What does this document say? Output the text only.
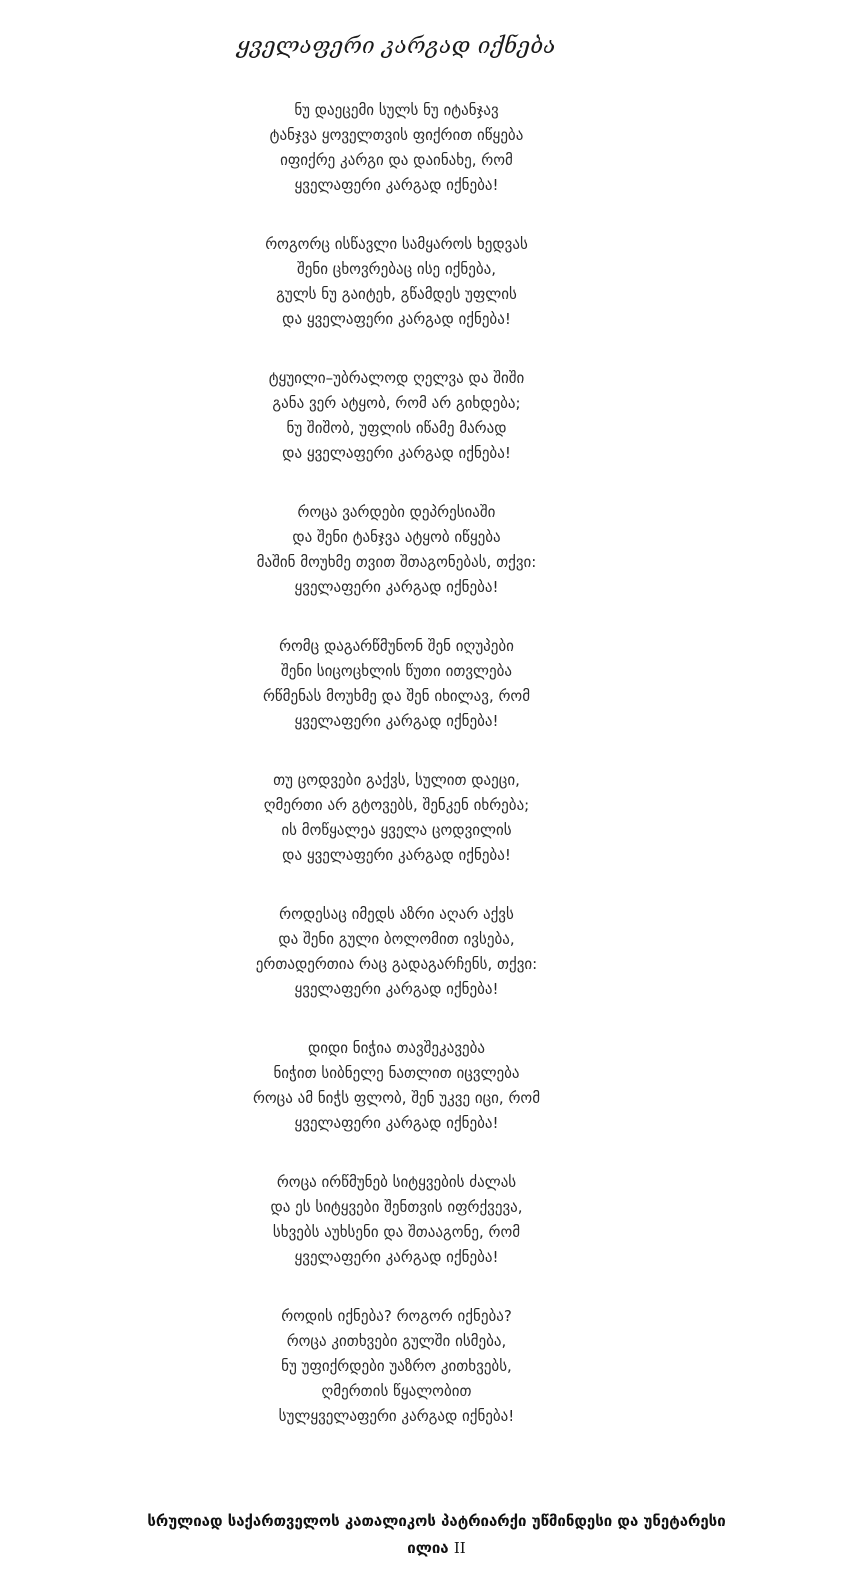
ყველაფერი კარგად იქნება
ნუ დაეცემი სულს ნუ იტანჯავ
ტანჯვა ყოველთვის ფიქრით იწყება
იფიქრე კარგი და დაინახე, რომ
ყველაფერი კარგად იქნება!
როგორც ისწავლი სამყაროს ხედვას
შენი ცხოვრებაც ისე იქნება,
გულს ნუ გაიტეხ, გწამდეს უფლის
და ყველაფერი კარგად იქნება!
ტყუილი–უბრალოდ ღელვა და შიში
განა ვერ ატყობ, რომ არ გიხდება;
ნუ შიშობ, უფლის იწამე მარად
და ყველაფერი კარგად იქნება!
როცა ვარდები დეპრესიაში
და შენი ტანჯვა ატყობ იწყება
მაშინ მოუხმე თვით შთაგონებას, თქვი:
ყველაფერი კარგად იქნება!
რომც დაგარწმუნონ შენ იღუპები
შენი სიცოცხლის წუთი ითვლება
რწმენას მოუხმე და შენ იხილავ, რომ
ყველაფერი კარგად იქნება!
თუ ცოდვები გაქვს, სულით დაეცი,
ღმერთი არ გტოვებს, შენკენ იხრება;
ის მოწყალეა ყველა ცოდვილის
და ყველაფერი კარგად იქნება!
როდესაც იმედს აზრი აღარ აქვს
და შენი გული ბოლომით ივსება,
ერთადერთია რაც გადაგარჩენს, თქვი:
ყველაფერი კარგად იქნება!
დიდი ნიჭია თავშეკავება
ნიჭით სიბნელე ნათლით იცვლება
როცა ამ ნიჭს ფლობ, შენ უკვე იცი, რომ
ყველაფერი კარგად იქნება!
როცა ირწმუნებ სიტყვების ძალას
და ეს სიტყვები შენთვის იფრქვევა,
სხვებს აუხსენი და შთააგონე, რომ
ყველაფერი კარგად იქნება!
როდის იქნება? როგორ იქნება?
როცა კითხვები გულში ისმება,
ნუ უფიქრდები უაზრო კითხვებს,
ღმერთის წყალობით
სულყველაფერი კარგად იქნება!
სრულიად საქართველოს კათალიკოს პატრიარქი უწმინდესი და უნეტარესი
ილია II
